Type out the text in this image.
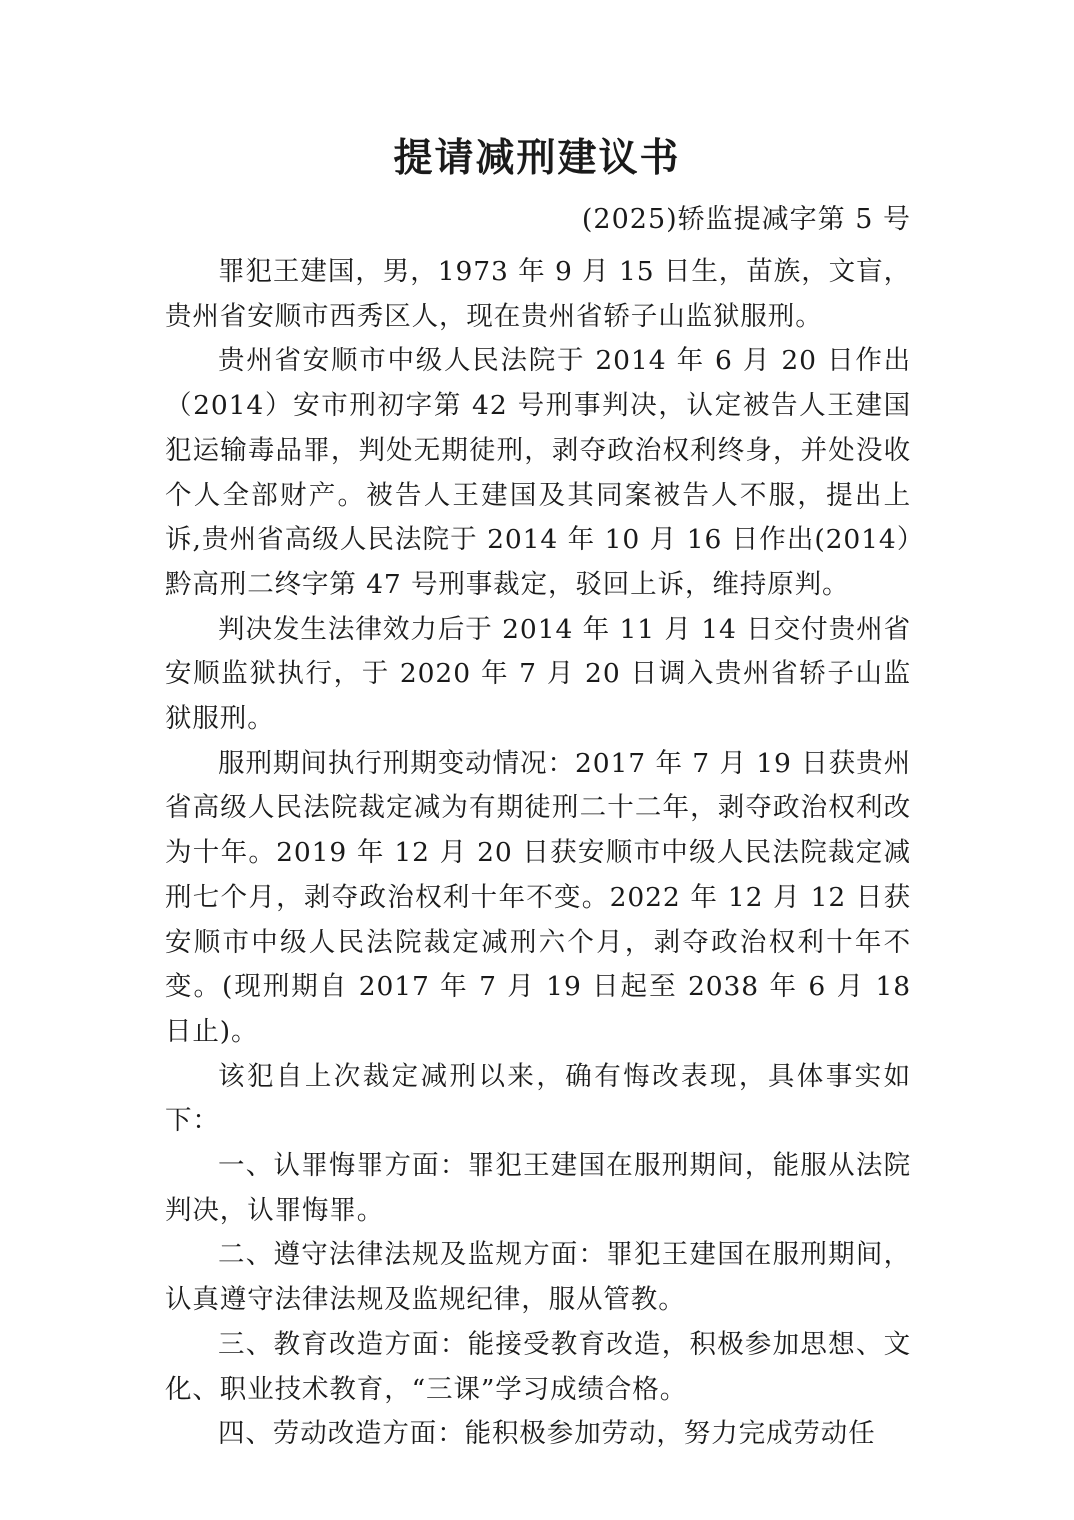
提请减刑建议书

(2025)轿监提减字第 5 号

罪犯王建国，男，1973 年 9 月 15 日生，苗族，文盲，贵州省安顺市西秀区人，现在贵州省轿子山监狱服刑。

贵州省安顺市中级人民法院于 2014 年 6 月 20 日作出（2014）安市刑初字第 42 号刑事判决，认定被告人王建国犯运输毒品罪，判处无期徒刑，剥夺政治权利终身，并处没收个人全部财产。被告人王建国及其同案被告人不服，提出上诉,贵州省高级人民法院于 2014 年 10 月 16 日作出(2014）黔高刑二终字第 47 号刑事裁定，驳回上诉，维持原判。

判决发生法律效力后于 2014 年 11 月 14 日交付贵州省安顺监狱执行，于 2020 年 7 月 20 日调入贵州省轿子山监狱服刑。

服刑期间执行刑期变动情况：2017 年 7 月 19 日获贵州省高级人民法院裁定减为有期徒刑二十二年，剥夺政治权利改为十年。2019 年 12 月 20 日获安顺市中级人民法院裁定减刑七个月，剥夺政治权利十年不变。2022 年 12 月 12 日获安顺市中级人民法院裁定减刑六个月，剥夺政治权利十年不变。(现刑期自 2017 年 7 月 19 日起至 2038 年 6 月 18 日止)。

该犯自上次裁定减刑以来，确有悔改表现，具体事实如下：

一、认罪悔罪方面：罪犯王建国在服刑期间，能服从法院判决，认罪悔罪。

二、遵守法律法规及监规方面：罪犯王建国在服刑期间，认真遵守法律法规及监规纪律，服从管教。

三、教育改造方面：能接受教育改造，积极参加思想、文化、职业技术教育，“三课”学习成绩合格。

四、劳动改造方面：能积极参加劳动，努力完成劳动任
